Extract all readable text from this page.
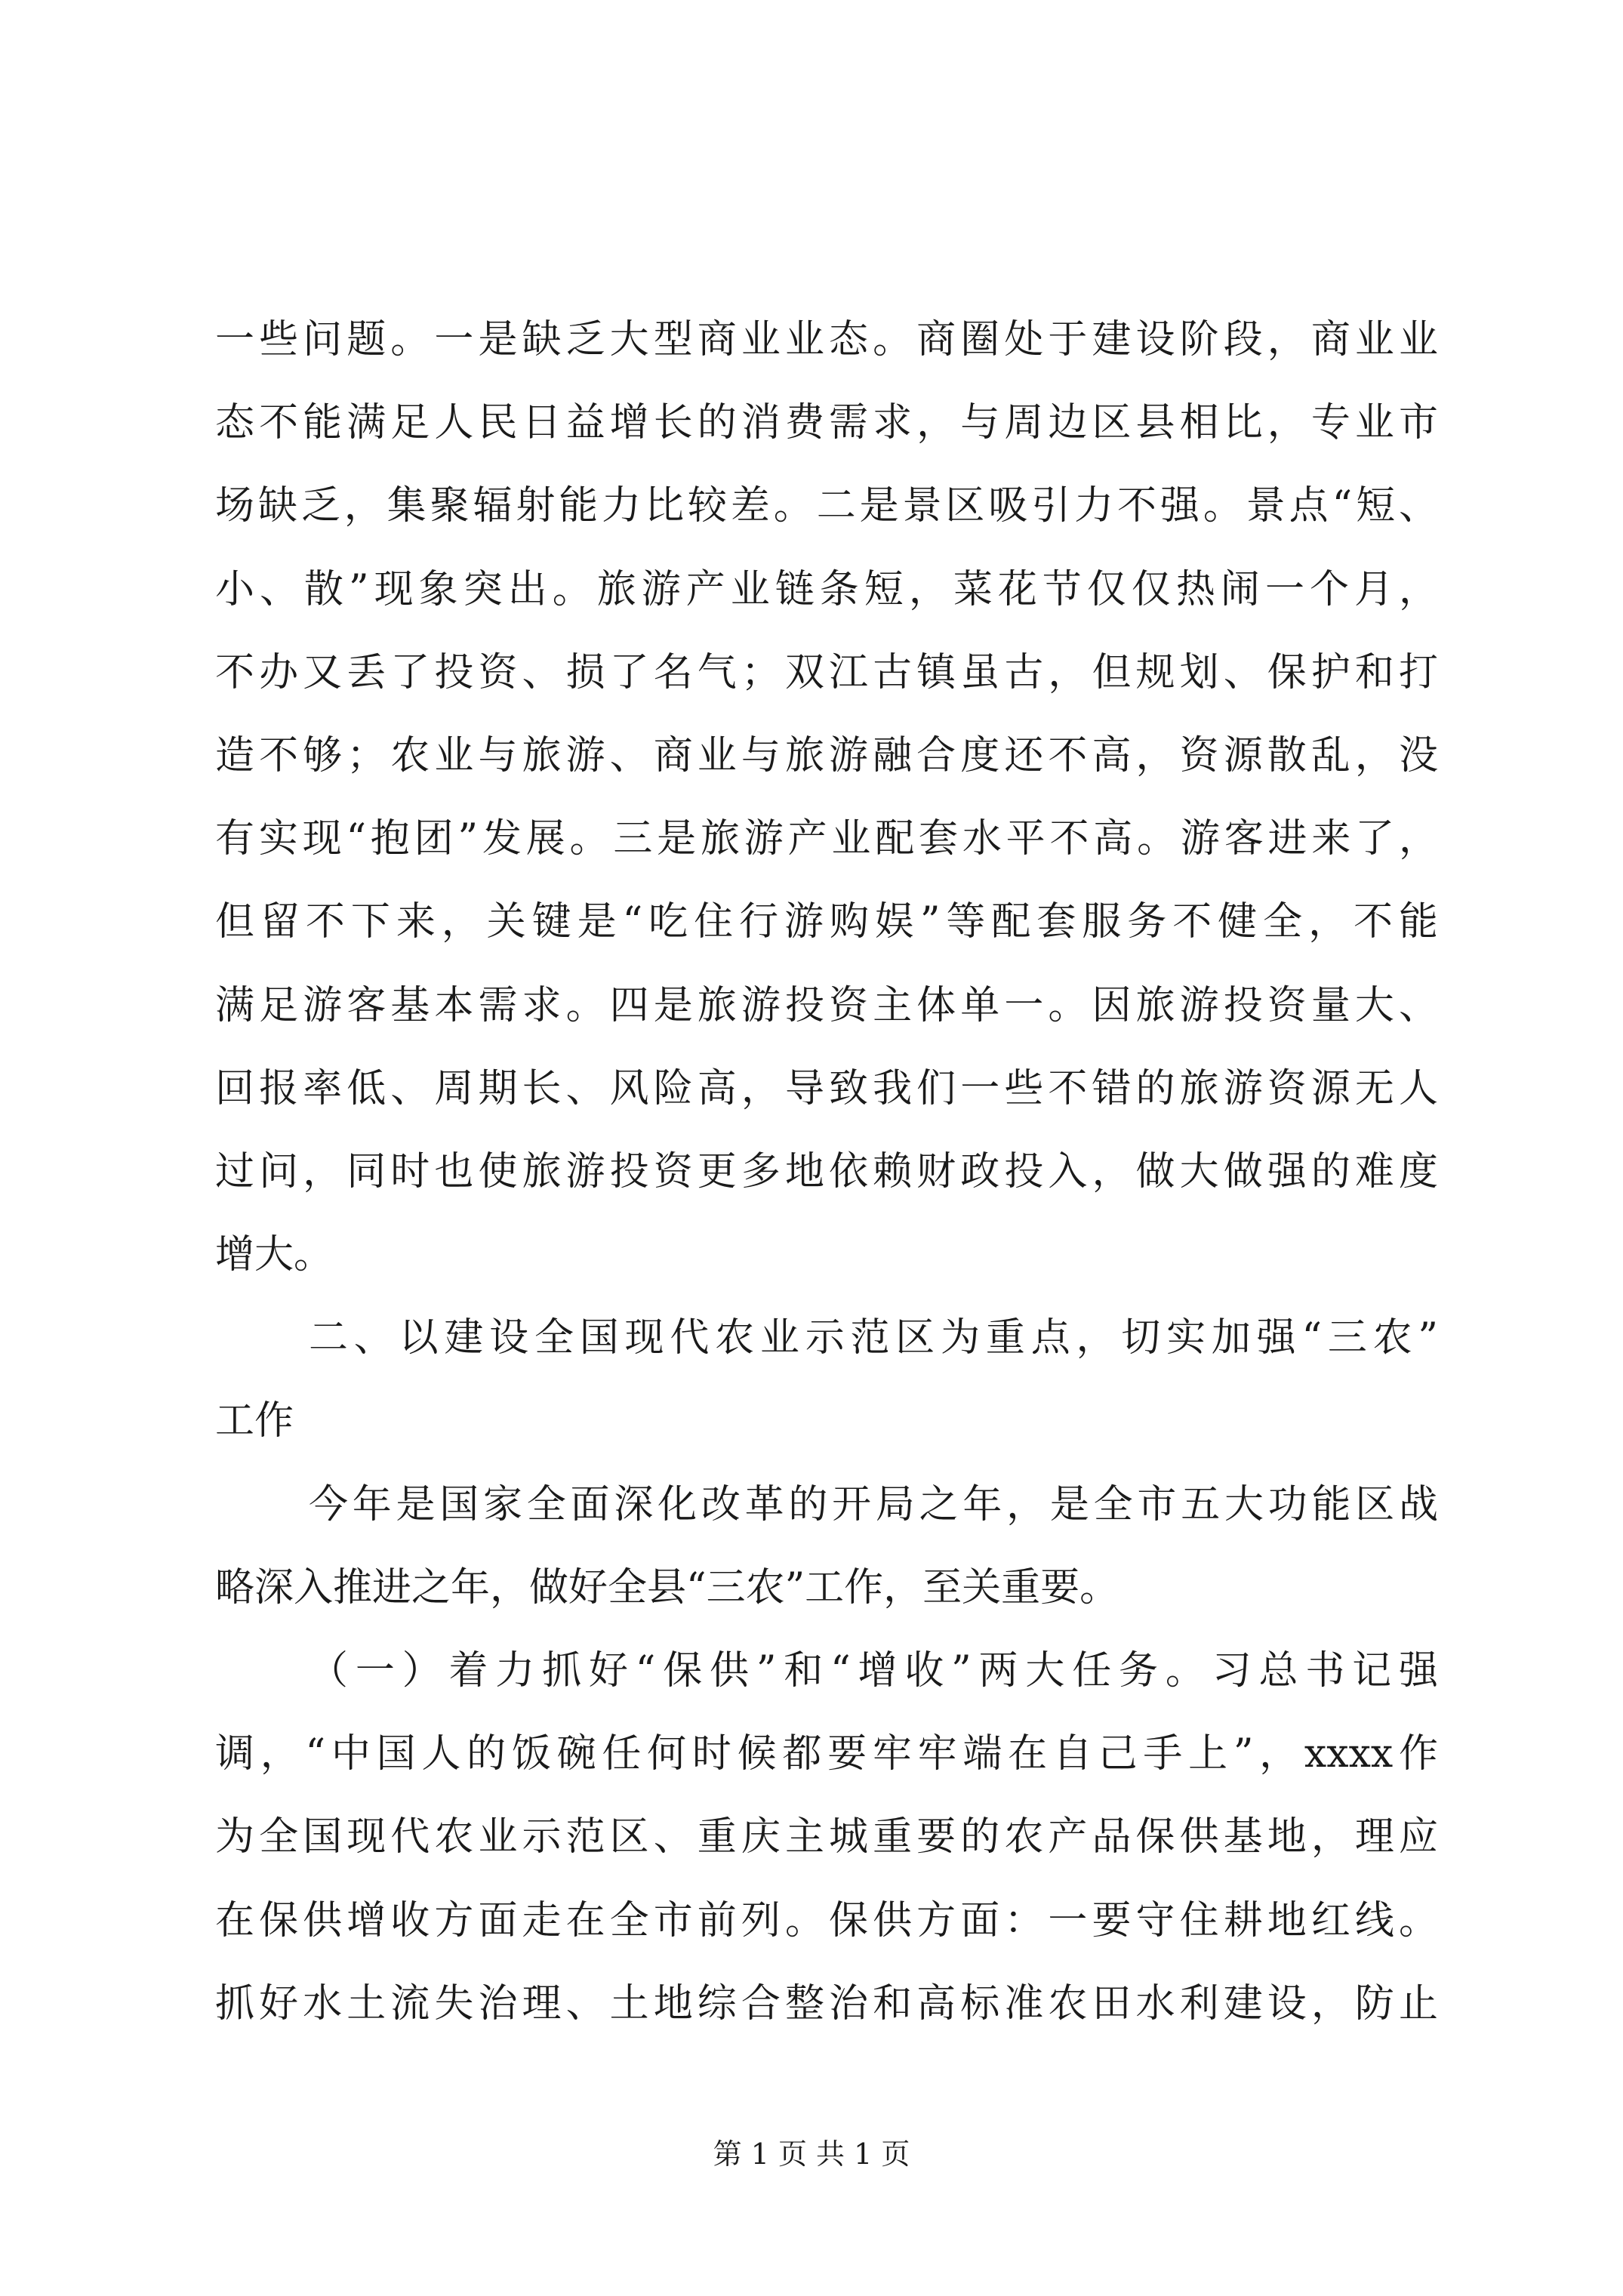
一些问题。一是缺乏大型商业业态。商圈处于建设阶段，商业业
态不能满足人民日益增长的消费需求，与周边区县相比，专业市
场缺乏，集聚辐射能力比较差。二是景区吸引力不强。景点“短、
小、散”现象突出。旅游产业链条短，菜花节仅仅热闹一个月，
不办又丢了投资、损了名气；双江古镇虽古，但规划、保护和打
造不够；农业与旅游、商业与旅游融合度还不高，资源散乱，没
有实现“抱团”发展。三是旅游产业配套水平不高。游客进来了，
但留不下来，关键是“吃住行游购娱”等配套服务不健全，不能
满足游客基本需求。四是旅游投资主体单一。因旅游投资量大、
回报率低、周期长、风险高，导致我们一些不错的旅游资源无人
过问，同时也使旅游投资更多地依赖财政投入，做大做强的难度
增大。
二、以建设全国现代农业示范区为重点，切实加强“三农”
工作
今年是国家全面深化改革的开局之年，是全市五大功能区战
略深入推进之年，做好全县“三农”工作，至关重要。
（一）着力抓好“保供”和“增收”两大任务。习总书记强
调，“中国人的饭碗任何时候都要牢牢端在自己手上”，xxxx作
为全国现代农业示范区、重庆主城重要的农产品保供基地，理应
在保供增收方面走在全市前列。保供方面：一要守住耕地红线。
抓好水土流失治理、土地综合整治和高标准农田水利建设，防止
第 1 页 共 1 页
